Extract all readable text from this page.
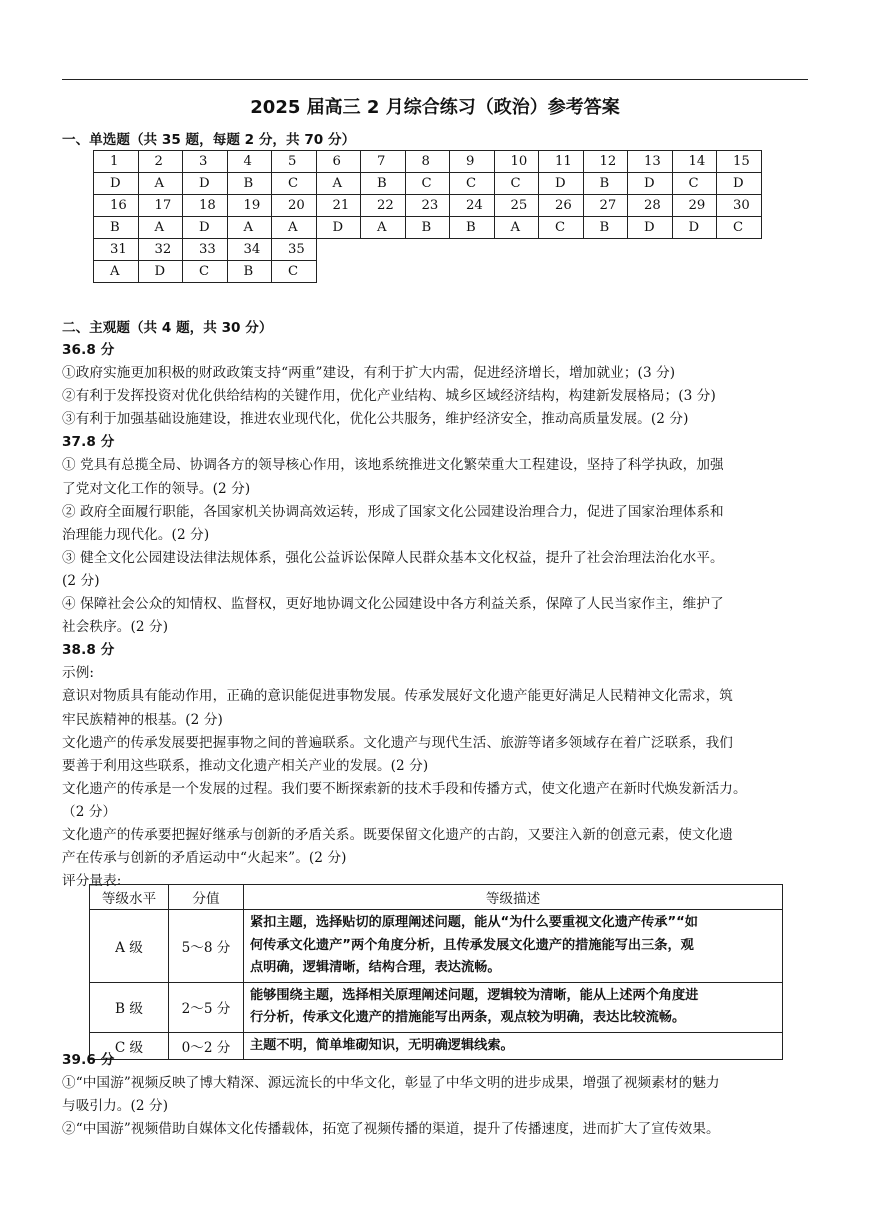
2025 届高三 2 月综合练习（政治）参考答案
一、单选题（共 35 题，每题 2 分，共 70 分）
1	2	3	4	5	6	7	8	9	10	11	12	13	14	15
D	A	D	B	C	A	B	C	C	C	D	B	D	C	D
16	17	18	19	20	21	22	23	24	25	26	27	28	29	30
B	A	D	A	A	D	A	B	B	A	C	B	D	D	C
31	32	33	34	35										
A	D	C	B	C										
二、主观题（共 4 题，共 30 分）

36.8 分

①政府实施更加积极的财政政策支持“两重”建设，有利于扩大内需，促进经济增长，增加就业；(3 分)

②有利于发挥投资对优化供给结构的关键作用，优化产业结构、城乡区域经济结构，构建新发展格局；(3 分)

③有利于加强基础设施建设，推进农业现代化，优化公共服务，维护经济安全，推动高质量发展。(2 分)

37.8 分

① 党具有总揽全局、协调各方的领导核心作用，该地系统推进文化繁荣重大工程建设，坚持了科学执政，加强

了党对文化工作的领导。(2 分)

② 政府全面履行职能，各国家机关协调高效运转，形成了国家文化公园建设治理合力，促进了国家治理体系和

治理能力现代化。(2 分)

③ 健全文化公园建设法律法规体系，强化公益诉讼保障人民群众基本文化权益，提升了社会治理法治化水平。

(2 分)

④ 保障社会公众的知情权、监督权，更好地协调文化公园建设中各方利益关系，保障了人民当家作主，维护了

社会秩序。(2 分)

38.8 分

示例:

意识对物质具有能动作用，正确的意识能促进事物发展。传承发展好文化遗产能更好满足人民精神文化需求，筑

牢民族精神的根基。(2 分)

文化遗产的传承发展要把握事物之间的普遍联系。文化遗产与现代生活、旅游等诸多领域存在着广泛联系，我们

要善于利用这些联系，推动文化遗产相关产业的发展。(2 分)

文化遗产的传承是一个发展的过程。我们要不断探索新的技术手段和传播方式，使文化遗产在新时代焕发新活力。

（2 分）

文化遗产的传承要把握好继承与创新的矛盾关系。既要保留文化遗产的古韵，又要注入新的创意元素，使文化遗

产在传承与创新的矛盾运动中“火起来”。(2 分)

评分量表:

等级水平	分值	等级描述
A 级	5～8 分	紧扣主题，选择贴切的原理阐述问题，能从“为什么要重视文化遗产传承”“如
何传承文化遗产”两个角度分析，且传承发展文化遗产的措施能写出三条，观
点明确，逻辑清晰，结构合理，表达流畅。

B 级	2～5 分	能够围绕主题，选择相关原理阐述问题，逻辑较为清晰，能从上述两个角度进
行分析，传承文化遗产的措施能写出两条，观点较为明确，表达比较流畅。

C 级	0～2 分	主题不明，简单堆砌知识，无明确逻辑线索。

39.6 分

①“中国游”视频反映了博大精深、源远流长的中华文化，彰显了中华文明的进步成果，增强了视频素材的魅力

与吸引力。(2 分)

②“中国游”视频借助自媒体文化传播载体，拓宽了视频传播的渠道，提升了传播速度，进而扩大了宣传效果。
